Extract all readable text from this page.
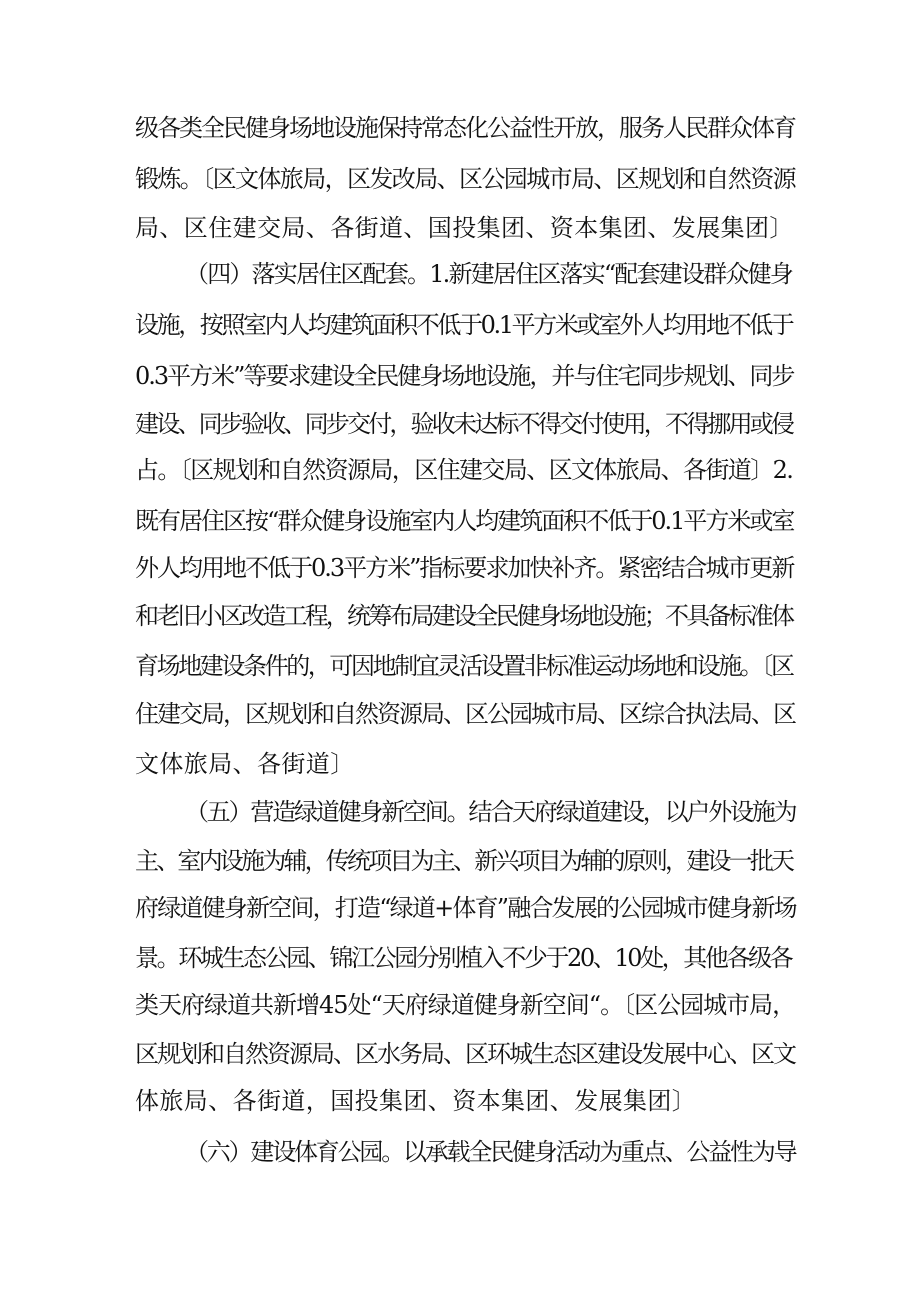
级各类全民健身场地设施保持常态化公益性开放，服务人民群众体育
锻炼。〔区文体旅局，区发改局、区公园城市局、区规划和自然资源
局、区住建交局、各街道、国投集团、资本集团、发展集团〕
（四）落实居住区配套。1.新建居住区落实“配套建设群众健身
设施，按照室内人均建筑面积不低于0.1平方米或室外人均用地不低于
0.3平方米”等要求建设全民健身场地设施，并与住宅同步规划、同步
建设、同步验收、同步交付，验收未达标不得交付使用，不得挪用或侵
占。〔区规划和自然资源局，区住建交局、区文体旅局、各街道〕2.
既有居住区按“群众健身设施室内人均建筑面积不低于0.1平方米或室
外人均用地不低于0.3平方米”指标要求加快补齐。紧密结合城市更新
和老旧小区改造工程，统筹布局建设全民健身场地设施；不具备标准体
育场地建设条件的，可因地制宜灵活设置非标准运动场地和设施。〔区
住建交局，区规划和自然资源局、区公园城市局、区综合执法局、区
文体旅局、各街道〕
（五）营造绿道健身新空间。结合天府绿道建设，以户外设施为
主、室内设施为辅，传统项目为主、新兴项目为辅的原则，建设一批天
府绿道健身新空间，打造“绿道+体育”融合发展的公园城市健身新场
景。环城生态公园、锦江公园分别植入不少于20、10处，其他各级各
类天府绿道共新增45处“天府绿道健身新空间“。〔区公园城市局，
区规划和自然资源局、区水务局、区环城生态区建设发展中心、区文
体旅局、各街道，国投集团、资本集团、发展集团〕
（六）建设体育公园。以承载全民健身活动为重点、公益性为导
